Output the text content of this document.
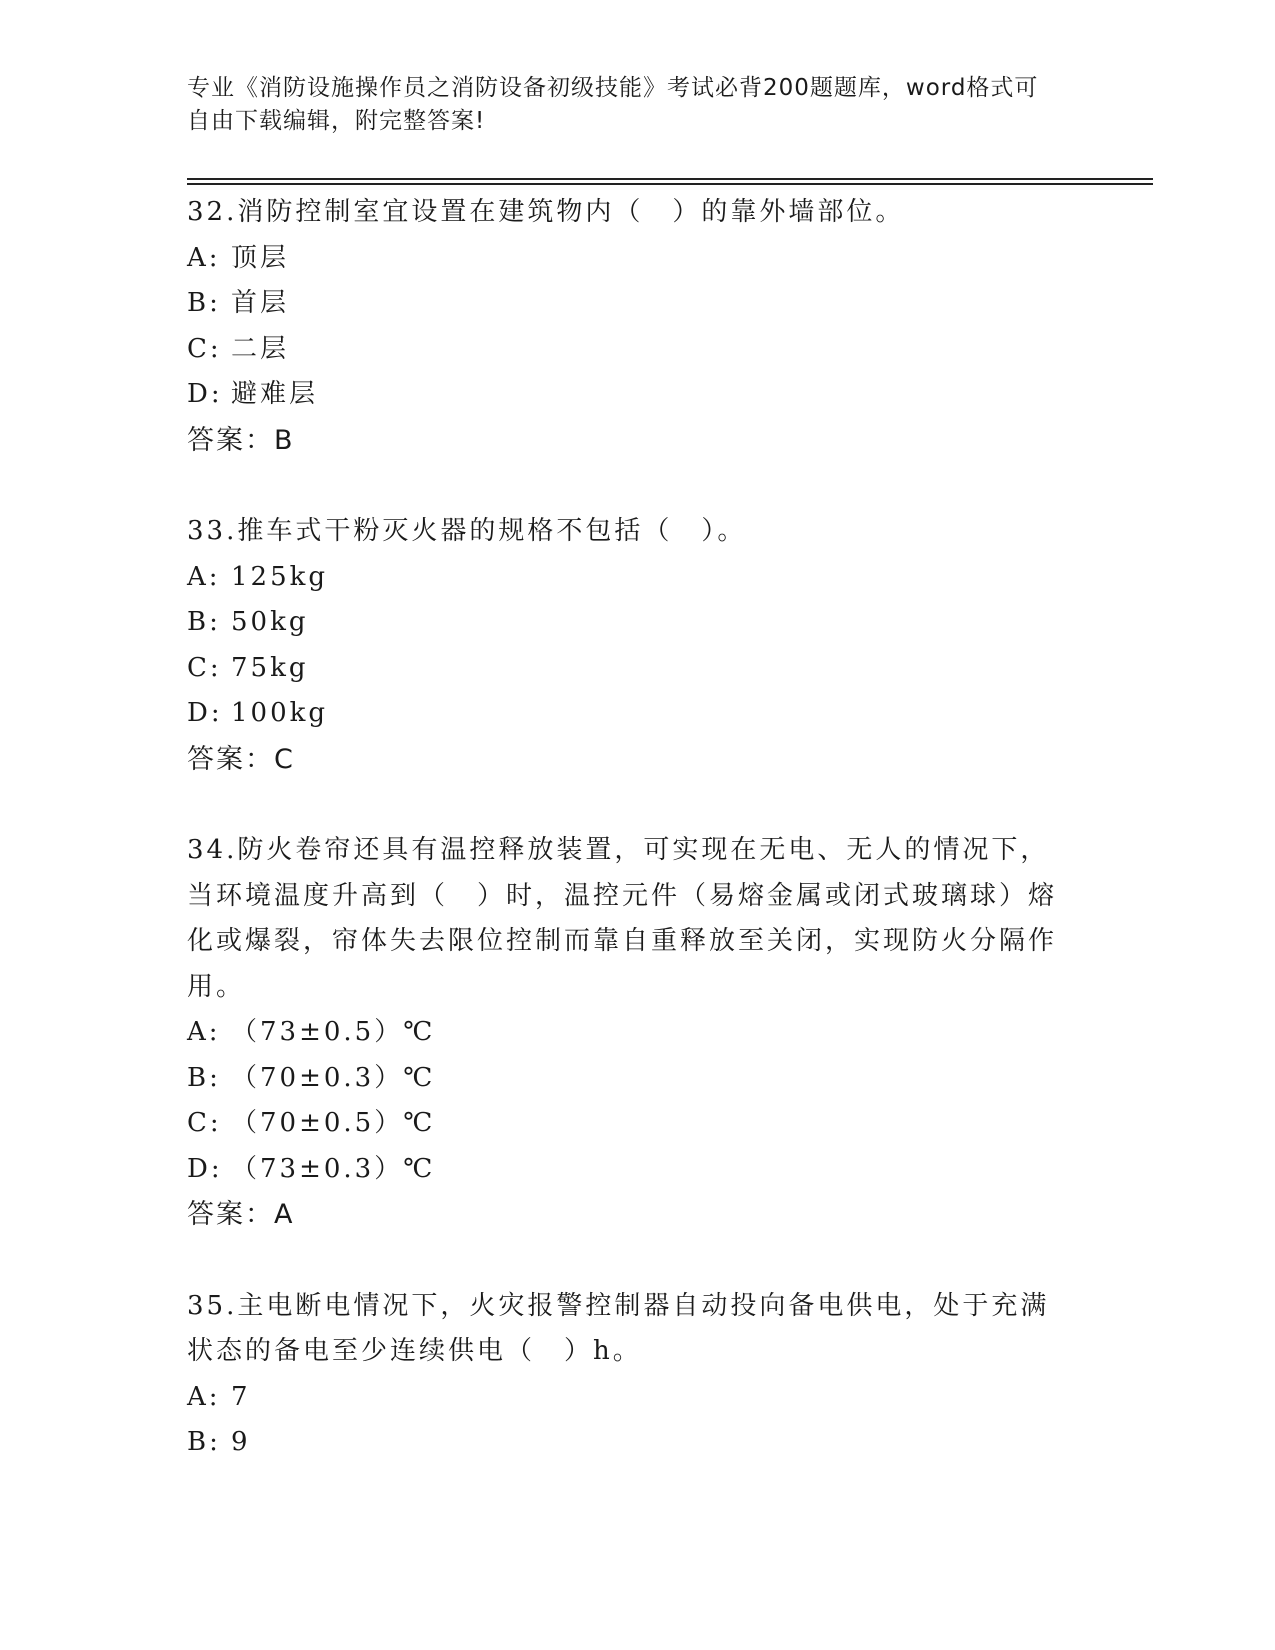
专业《消防设施操作员之消防设备初级技能》考试必背200题题库，word格式可
自由下载编辑，附完整答案!

32.消防控制室宜设置在建筑物内（　）的靠外墙部位。

A: 顶层

B: 首层

C: 二层

D: 避难层

答案： B

33.推车式干粉灭火器的规格不包括（　）。

A: 125kg

B: 50kg

C: 75kg

D: 100kg

答案： C

34.防火卷帘还具有温控释放装置，可实现在无电、无人的情况下，当环境温度升高到（　）时，温控元件（易熔金属或闭式玻璃球）熔化或爆裂，帘体失去限位控制而靠自重释放至关闭，实现防火分隔作用。

A: （73±0.5）℃

B: （70±0.3）℃

C: （70±0.5）℃

D: （73±0.3）℃

答案： A

35.主电断电情况下，火灾报警控制器自动投向备电供电，处于充满状态的备电至少连续供电（　）h。

A: 7

B: 9
